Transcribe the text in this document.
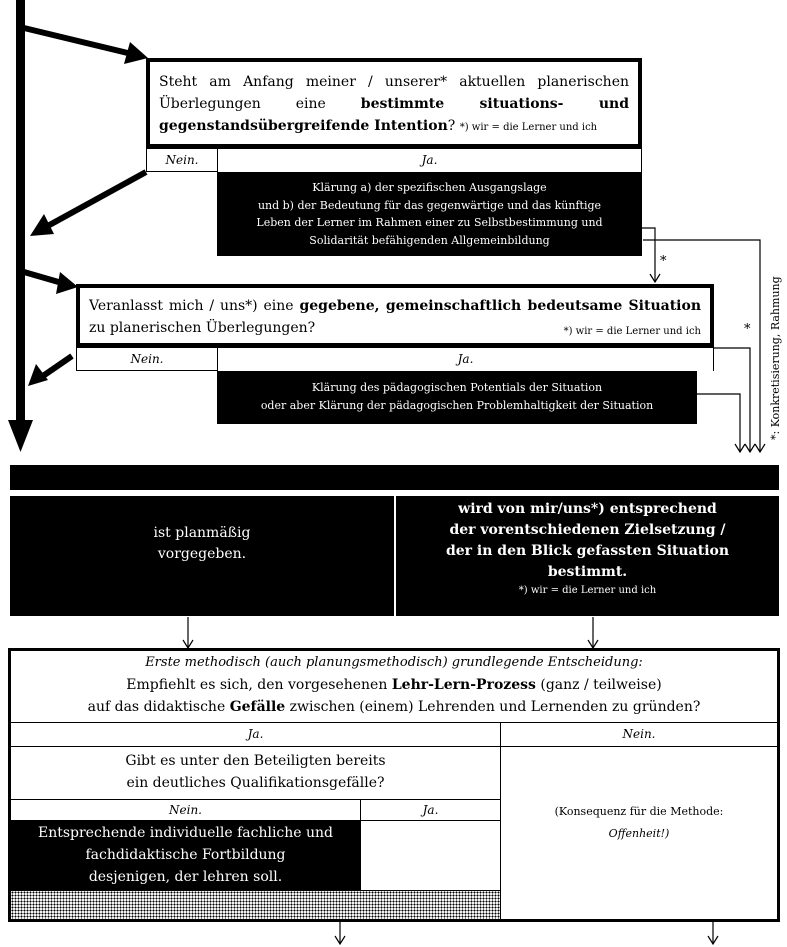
Steht am Anfang meiner / unserer* aktuellen planerischen Überlegungen eine bestimmte situations- und gegenstandsübergreifende Intention? *) wir = die Lerner und ich
Nein.	Ja.
Klärung a) der spezifischen Ausgangslage
und b) der Bedeutung für das gegenwärtige und das künftige
Leben der Lerner im Rahmen einer zu Selbstbestimmung und
Solidarität befähigenden Allgemeinbildung
Veranlasst mich / uns*) eine gegebene, gemeinschaftlich bedeutsame Situation zu planerischen Überlegungen?	*) wir = die Lerner und ich
Nein.	Ja.
Klärung des pädagogischen Potentials der Situation
oder aber Klärung der pädagogischen Problemhaltigkeit der Situation
*
* *: Konkretisierung, Rahmung

ist planmäßig vorgegeben.
wird von mir/uns*) entsprechend
der vorentschiedenen Zielsetzung /
der in den Blick gefassten Situation
bestimmt.
*) wir = die Lerner und ich
Erste methodisch (auch planungsmethodisch) grundlegende Entscheidung:
Empfiehlt es sich, den vorgesehenen Lehr-Lern-Prozess (ganz / teilweise)
auf das didaktische Gefälle zwischen (einem) Lehrenden und Lernenden zu gründen?
Ja.	Nein.
Gibt es unter den Beteiligten bereits
ein deutliches Qualifikationsgefälle?
Nein.	Ja.
Entsprechende individuelle fachliche und
fachdidaktische Fortbildung
desjenigen, der lehren soll.
(Konsequenz für die Methode:
Offenheit!)
